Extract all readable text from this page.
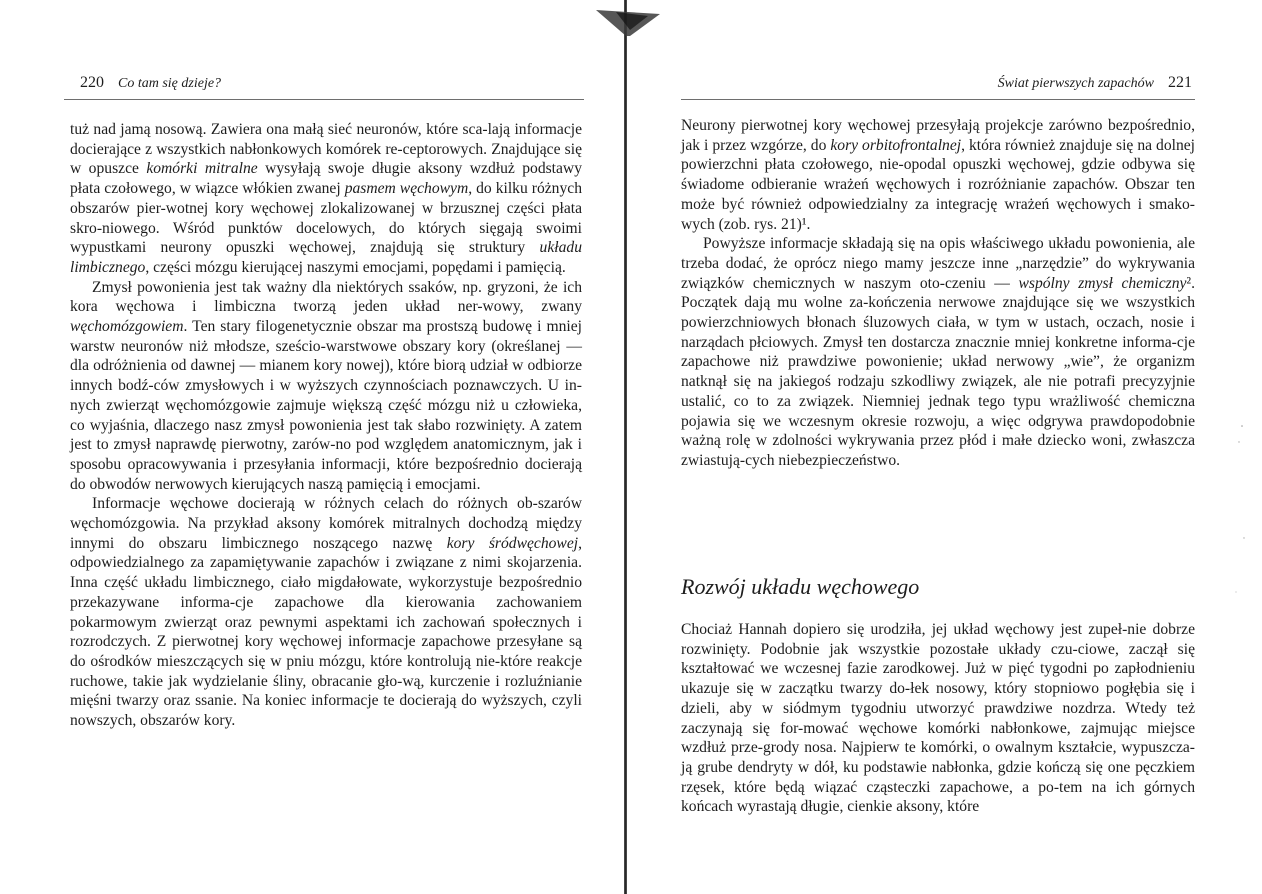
220 Co tam się dzieje?

tuż nad jamą nosową. Zawiera ona małą sieć neuronów, które sca-lają informacje docierające z wszystkich nabłonkowych komórek re-ceptorowych. Znajdujące się w opuszce komórki mitralne wysyłają swoje długie aksony wzdłuż podstawy płata czołowego, w wiązce włókien zwanej pasmem węchowym, do kilku różnych obszarów pier-wotnej kory węchowej zlokalizowanej w brzusznej części płata skro-niowego. Wśród punktów docelowych, do których sięgają swoimi wypustkami neurony opuszki węchowej, znajdują się struktury układu limbicznego, części mózgu kierującej naszymi emocjami, popędami i pamięcią.

Zmysł powonienia jest tak ważny dla niektórych ssaków, np. gryzoni, że ich kora węchowa i limbiczna tworzą jeden układ ner-wowy, zwany węchomózgowiem. Ten stary filogenetycznie obszar ma prostszą budowę i mniej warstw neuronów niż młodsze, sześcio-warstwowe obszary kory (określanej — dla odróżnienia od dawnej — mianem kory nowej), które biorą udział w odbiorze innych bodź-ców zmysłowych i w wyższych czynnościach poznawczych. U in-nych zwierząt węchomózgowie zajmuje większą część mózgu niż u człowieka, co wyjaśnia, dlaczego nasz zmysł powonienia jest tak słabo rozwinięty. A zatem jest to zmysł naprawdę pierwotny, zarów-no pod względem anatomicznym, jak i sposobu opracowywania i przesyłania informacji, które bezpośrednio docierają do obwodów nerwowych kierujących naszą pamięcią i emocjami.

Informacje węchowe docierają w różnych celach do różnych ob-szarów węchomózgowia. Na przykład aksony komórek mitralnych dochodzą między innymi do obszaru limbicznego noszącego nazwę kory śródwęchowej, odpowiedzialnego za zapamiętywanie zapachów i związane z nimi skojarzenia. Inna część układu limbicznego, ciało migdałowate, wykorzystuje bezpośrednio przekazywane informa-cje zapachowe dla kierowania zachowaniem pokarmowym zwierząt oraz pewnymi aspektami ich zachowań społecznych i rozrodczych. Z pierwotnej kory węchowej informacje zapachowe przesyłane są do ośrodków mieszczących się w pniu mózgu, które kontrolują nie-które reakcje ruchowe, takie jak wydzielanie śliny, obracanie gło-wą, kurczenie i rozluźnianie mięśni twarzy oraz ssanie. Na koniec informacje te docierają do wyższych, czyli nowszych, obszarów kory.

Świat pierwszych zapachów 221

Neurony pierwotnej kory węchowej przesyłają projekcje zarówno bezpośrednio, jak i przez wzgórze, do kory orbitofrontalnej, która również znajduje się na dolnej powierzchni płata czołowego, nie-opodal opuszki węchowej, gdzie odbywa się świadome odbieranie wrażeń węchowych i rozróżnianie zapachów. Obszar ten może być również odpowiedzialny za integrację wrażeń węchowych i smako-wych (zob. rys. 21)¹.

Powyższe informacje składają się na opis właściwego układu powonienia, ale trzeba dodać, że oprócz niego mamy jeszcze inne „narzędzie” do wykrywania związków chemicznych w naszym oto-czeniu — wspólny zmysł chemiczny². Początek dają mu wolne za-kończenia nerwowe znajdujące się we wszystkich powierzchniowych błonach śluzowych ciała, w tym w ustach, oczach, nosie i narządach płciowych. Zmysł ten dostarcza znacznie mniej konkretne informa-cje zapachowe niż prawdziwe powonienie; układ nerwowy „wie”, że organizm natknął się na jakiegoś rodzaju szkodliwy związek, ale nie potrafi precyzyjnie ustalić, co to za związek. Niemniej jednak tego typu wrażliwość chemiczna pojawia się we wczesnym okresie rozwoju, a więc odgrywa prawdopodobnie ważną rolę w zdolności wykrywania przez płód i małe dziecko woni, zwłaszcza zwiastują-cych niebezpieczeństwo.

Rozwój układu węchowego

Chociaż Hannah dopiero się urodziła, jej układ węchowy jest zupeł-nie dobrze rozwinięty. Podobnie jak wszystkie pozostałe układy czu-ciowe, zaczął się kształtować we wczesnej fazie zarodkowej. Już w pięć tygodni po zapłodnieniu ukazuje się w zaczątku twarzy do-łek nosowy, który stopniowo pogłębia się i dzieli, aby w siódmym tygodniu utworzyć prawdziwe nozdrza. Wtedy też zaczynają się for-mować węchowe komórki nabłonkowe, zajmując miejsce wzdłuż prze-grody nosa. Najpierw te komórki, o owalnym kształcie, wypuszcza-ją grube dendryty w dół, ku podstawie nabłonka, gdzie kończą się one pęczkiem rzęsek, które będą wiązać cząsteczki zapachowe, a po-tem na ich górnych końcach wyrastają długie, cienkie aksony, które
